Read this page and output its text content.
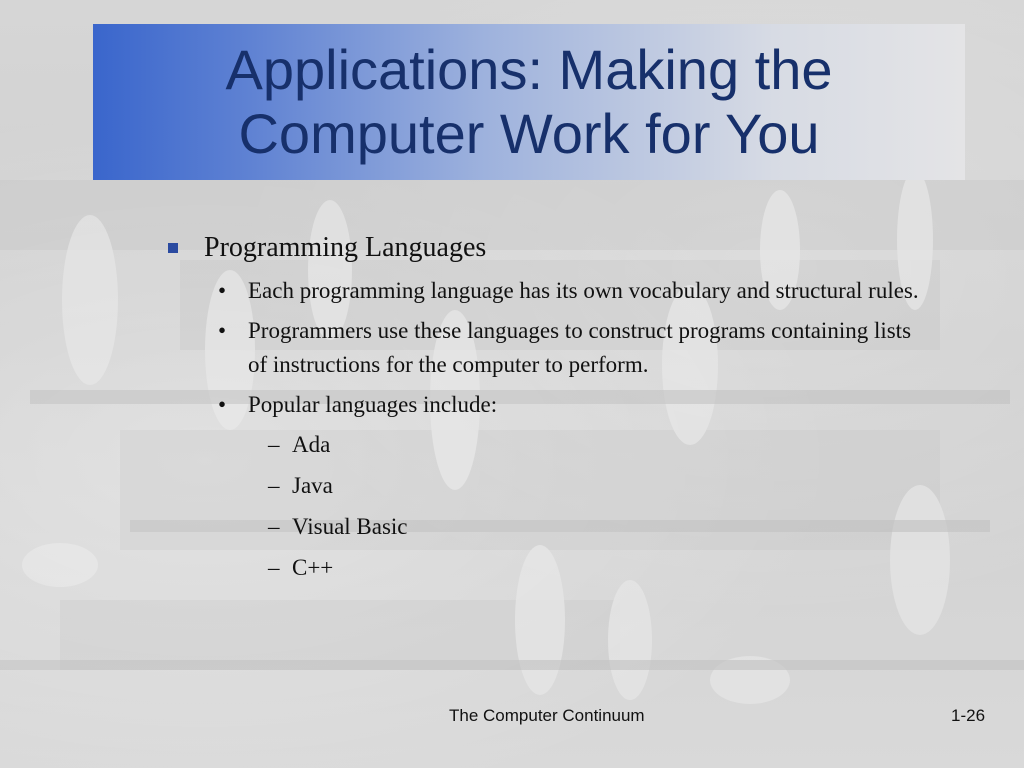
Applications: Making the
Computer Work for You
Programming Languages
• Each programming language has its own vocabulary and structural rules.
• Programmers use these languages to construct programs containing lists of instructions for the computer to perform.
• Popular languages include:
– Ada
– Java
– Visual Basic
– C++
The Computer Continuum	1-26
